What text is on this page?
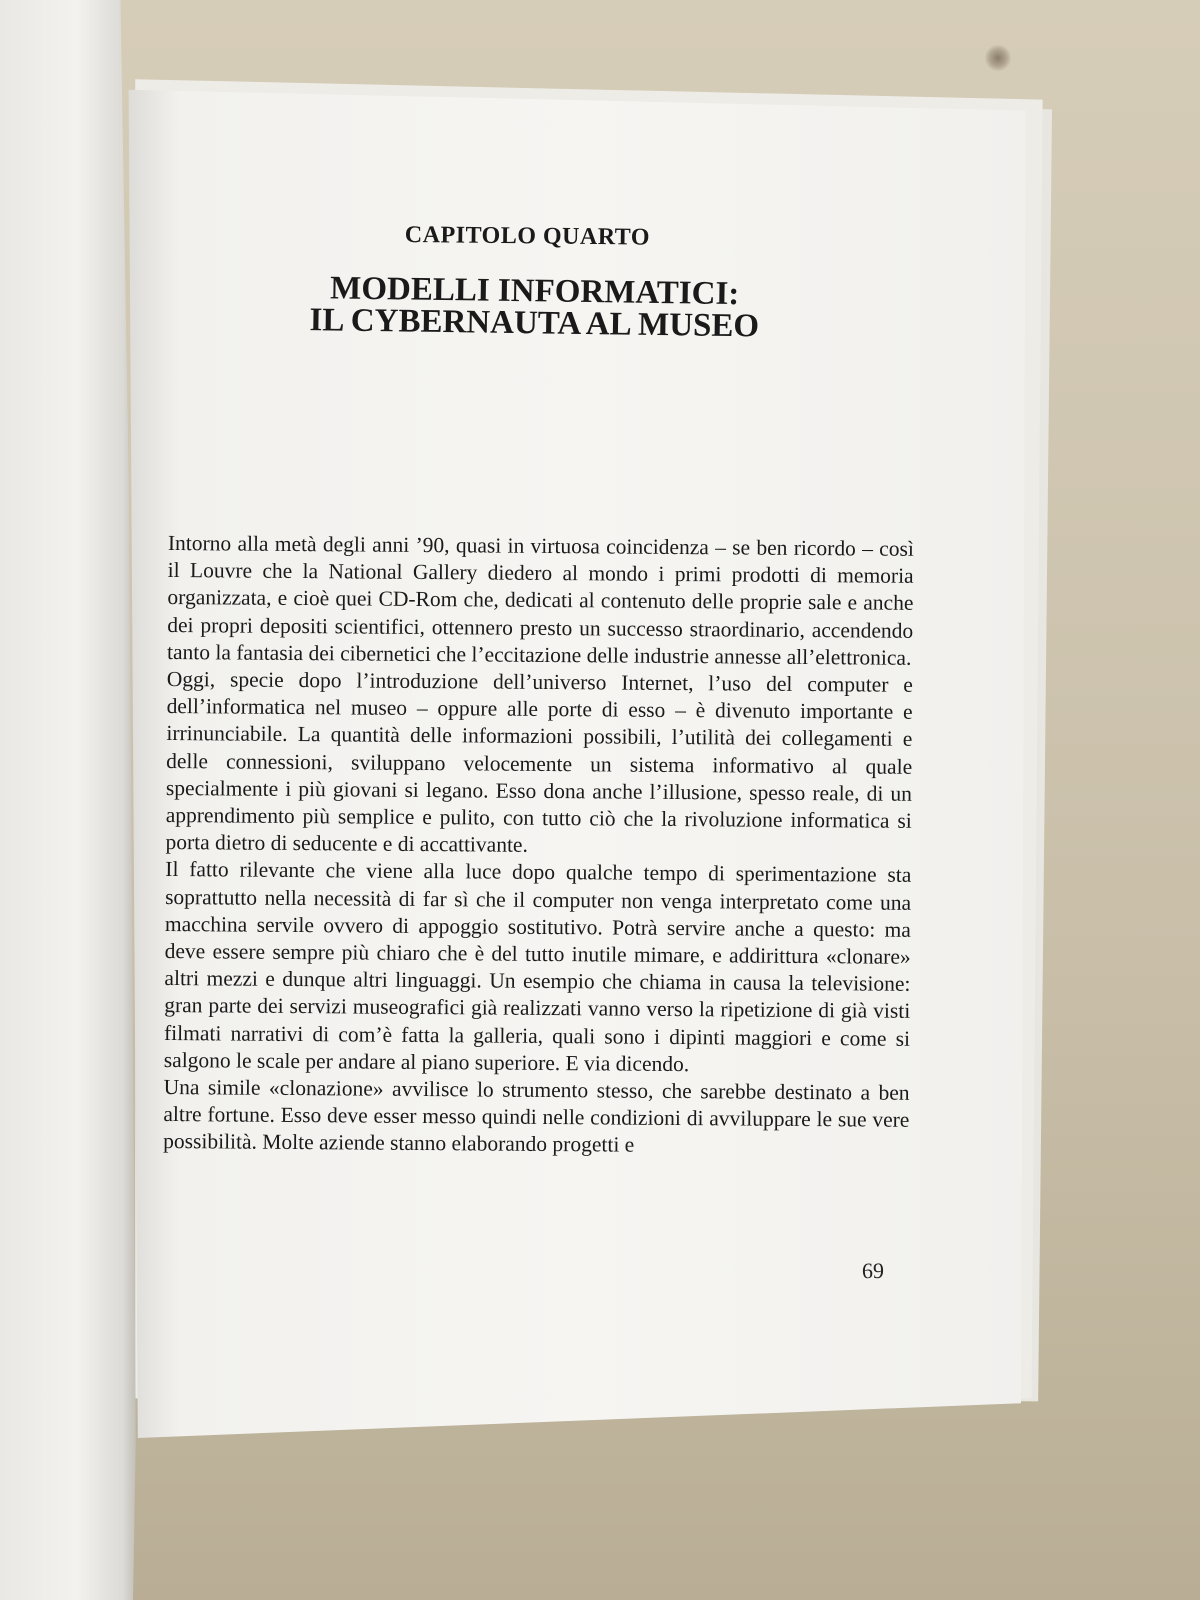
CAPITOLO QUARTO
MODELLI INFORMATICI:
IL CYBERNAUTA AL MUSEO

Intorno alla metà degli anni ’90, quasi in virtuosa coincidenza – se ben ricordo – così il Louvre che la National Gallery diedero al mondo i primi prodotti di memoria organizzata, e cioè quei CD-Rom che, dedicati al contenuto delle proprie sale e anche dei propri depositi scientifici, ottennero presto un successo straordinario, accendendo tanto la fantasia dei cibernetici che l’eccitazione delle industrie annesse all’elettronica.

Oggi, specie dopo l’introduzione dell’universo Internet, l’uso del computer e dell’informatica nel museo – oppure alle porte di esso – è divenuto importante e irrinunciabile. La quantità delle informazioni possibili, l’utilità dei collegamenti e delle connessioni, sviluppano velocemente un sistema informativo al quale specialmente i più giovani si legano. Esso dona anche l’illusione, spesso reale, di un apprendimento più semplice e pulito, con tutto ciò che la rivoluzione informatica si porta dietro di seducente e di accattivante.

Il fatto rilevante che viene alla luce dopo qualche tempo di sperimentazione sta soprattutto nella necessità di far sì che il computer non venga interpretato come una macchina servile ovvero di appoggio sostitutivo. Potrà servire anche a questo: ma deve essere sempre più chiaro che è del tutto inutile mimare, e addirittura «clonare» altri mezzi e dunque altri linguaggi. Un esempio che chiama in causa la televisione: gran parte dei servizi museografici già realizzati vanno verso la ripetizione di già visti filmati narrativi di com’è fatta la galleria, quali sono i dipinti maggiori e come si salgono le scale per andare al piano superiore. E via dicendo.

Una simile «clonazione» avvilisce lo strumento stesso, che sarebbe destinato a ben altre fortune. Esso deve esser messo quindi nelle condizioni di avviluppare le sue vere possibilità. Molte aziende stanno elaborando progetti e

69
